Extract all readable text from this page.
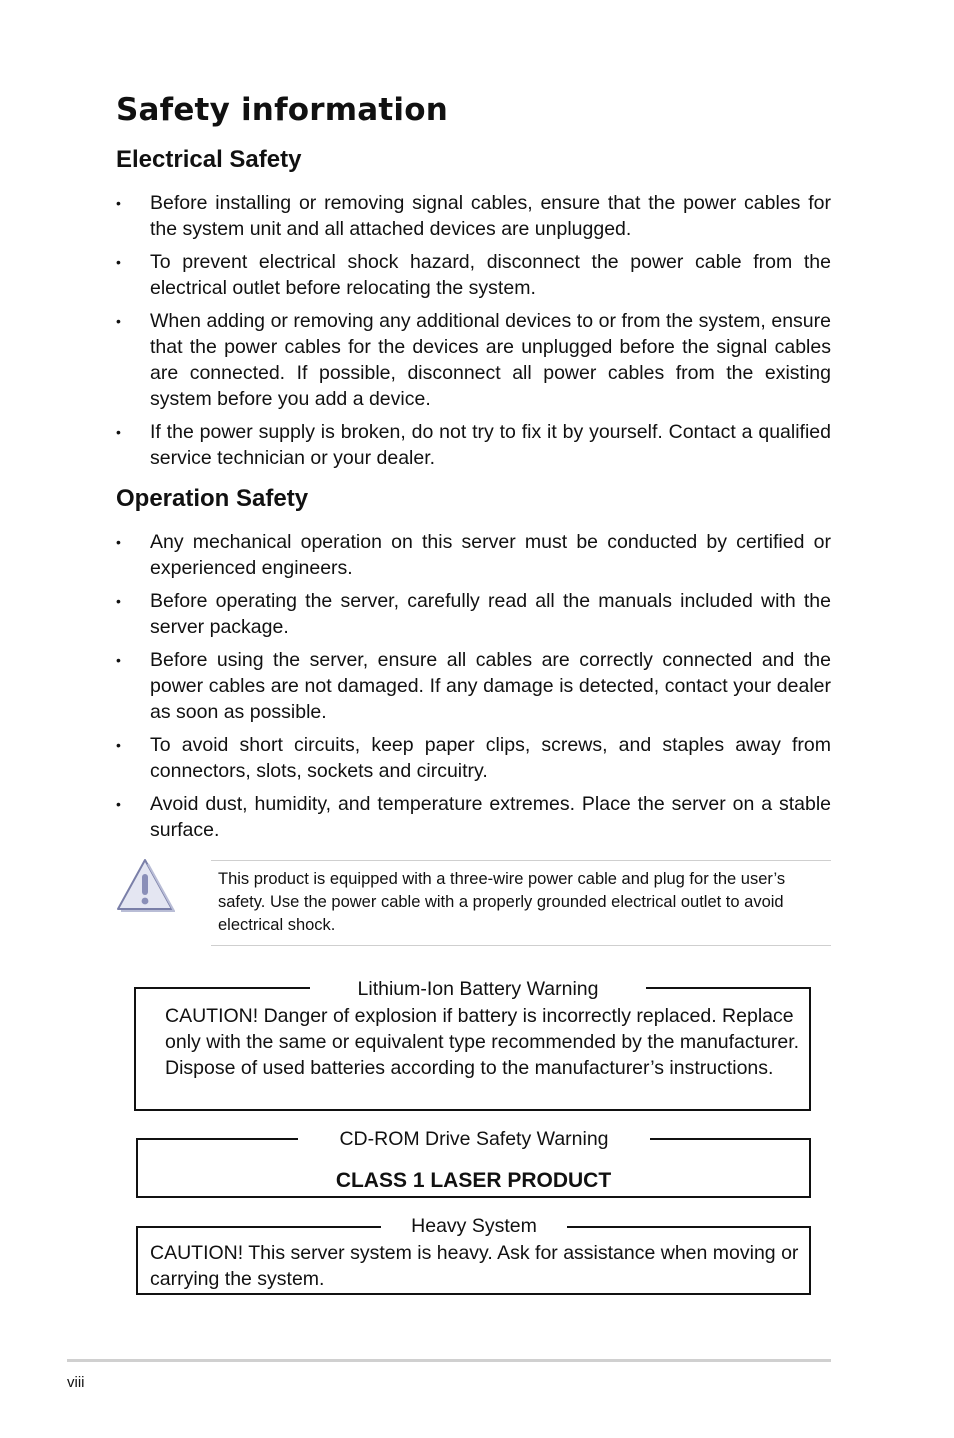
Safety information
Electrical Safety
• Before installing or removing signal cables, ensure that the power cables for the system unit and all attached devices are unplugged.
• To prevent electrical shock hazard, disconnect the power cable from the electrical outlet before relocating the system.
• When adding or removing any additional devices to or from the system, ensure that the power cables for the devices are unplugged before the signal cables are connected. If possible, disconnect all power cables from the existing system before you add a device.
• If the power supply is broken, do not try to fix it by yourself. Contact a qualified service technician or your dealer.
Operation Safety
• Any mechanical operation on this server must be conducted by certified or experienced engineers.
• Before operating the server, carefully read all the manuals included with the server package.
• Before using the server, ensure all cables are correctly connected and the power cables are not damaged. If any damage is detected, contact your dealer as soon as possible.
• To avoid short circuits, keep paper clips, screws, and staples away from connectors, slots, sockets and circuitry.
• Avoid dust, humidity, and temperature extremes. Place the server on a stable surface.
This product is equipped with a three-wire power cable and plug for the user’s safety. Use the power cable with a properly grounded electrical outlet to avoid electrical shock.
CAUTION! Danger of explosion if battery is incorrectly replaced. Replace only with the same or equivalent type recommended by the manufacturer. Dispose of used batteries according to the manufacturer’s instructions.
Lithium-Ion Battery Warning
CLASS 1 LASER PRODUCT
CD-ROM Drive Safety Warning
CAUTION! This server system is heavy. Ask for assistance when moving or carrying the system.
Heavy System
viii
